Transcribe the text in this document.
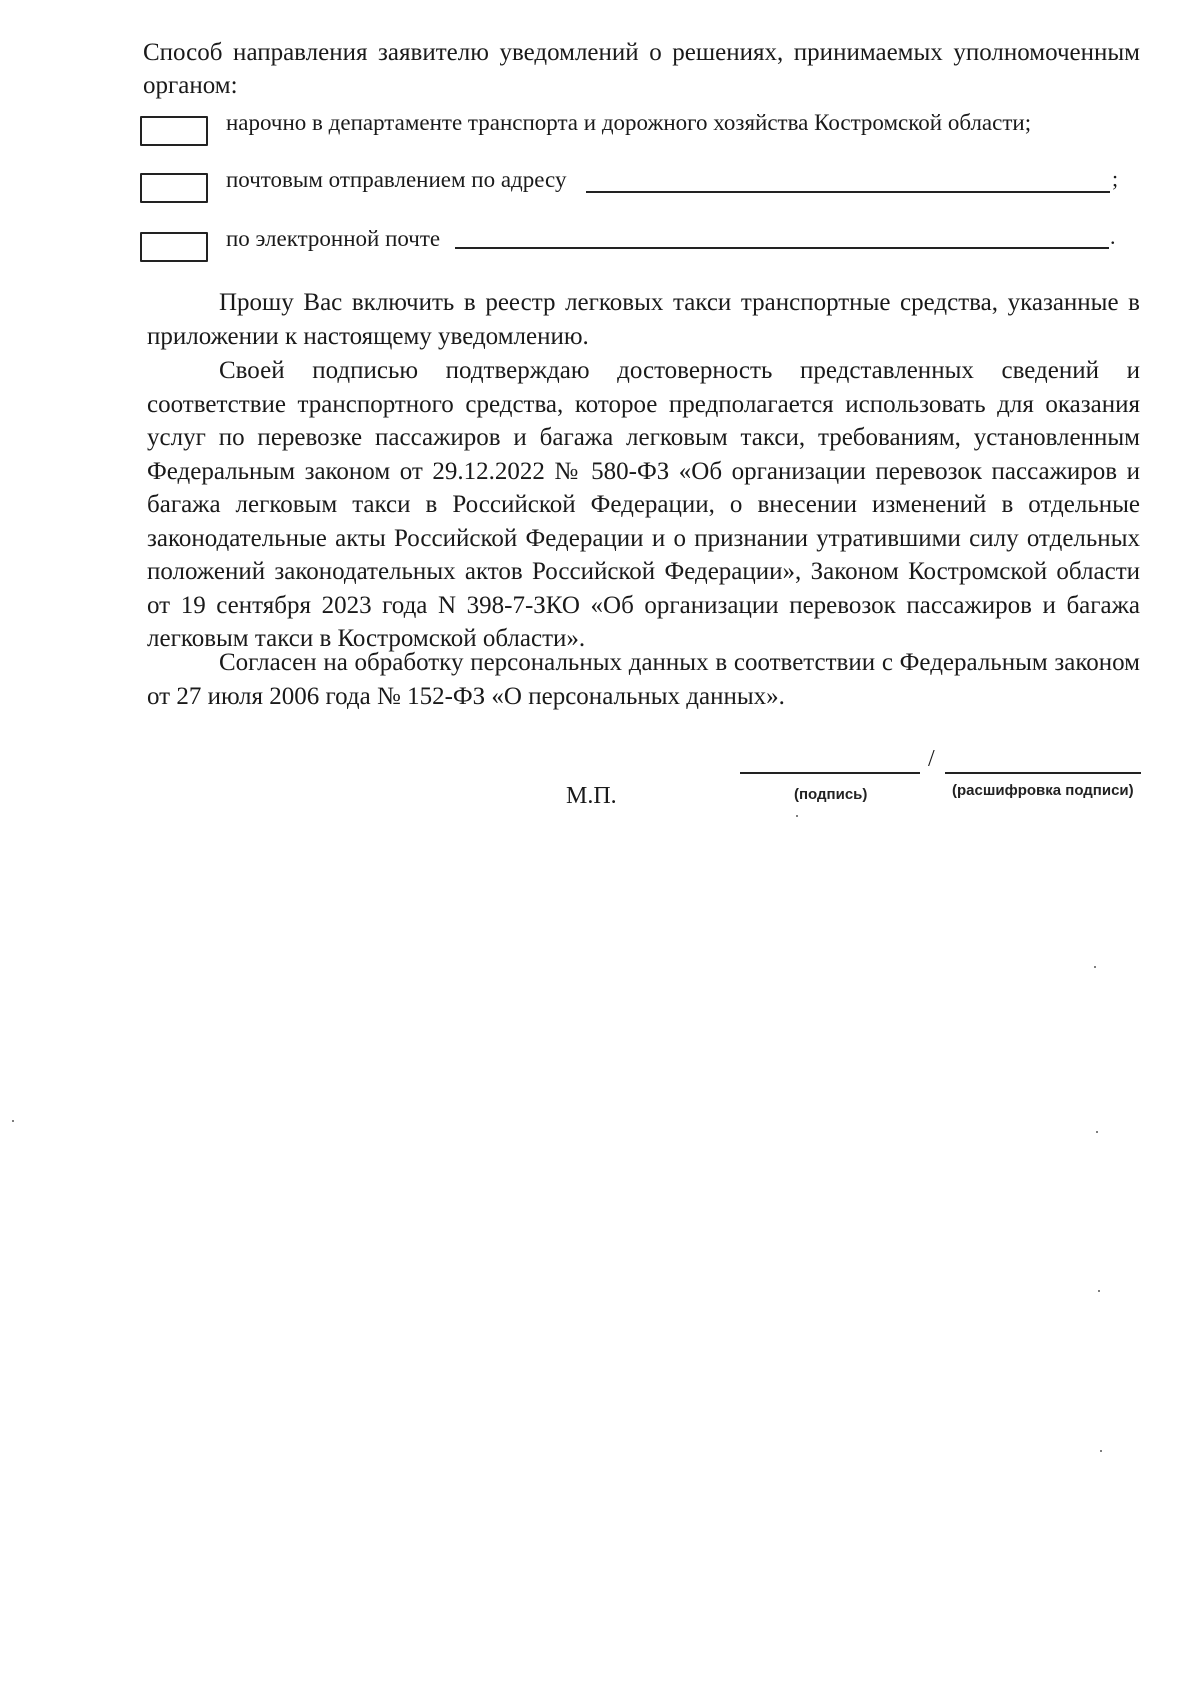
Способ направления заявителю уведомлений о решениях, принимаемых уполномоченным органом:
нарочно в департаменте транспорта и дорожного хозяйства Костромской области;
почтовым отправлением по адресу	;
по электронной почте	.
Прошу Вас включить в реестр легковых такси транспортные средства, указанные в приложении к настоящему уведомлению.
Своей подписью подтверждаю достоверность представленных сведений и соответствие транспортного средства, которое предполагается использовать для оказания услуг по перевозке пассажиров и багажа легковым такси, требованиям, установленным Федеральным законом от 29.12.2022 № 580-ФЗ «Об организации перевозок пассажиров и багажа легковым такси в Российской Федерации, о внесении изменений в отдельные законодательные акты Российской Федерации и о признании утратившими силу отдельных положений законодательных актов Российской Федерации», Законом Костромской области от 19 сентября 2023 года N 398-7-ЗКО «Об организации перевозок пассажиров и багажа легковым такси в Костромской области».
Согласен на обработку персональных данных в соответствии с Федеральным законом от 27 июля 2006 года № 152-ФЗ «О персональных данных».
/
М.П.	(подпись)	(расшифровка подписи)
